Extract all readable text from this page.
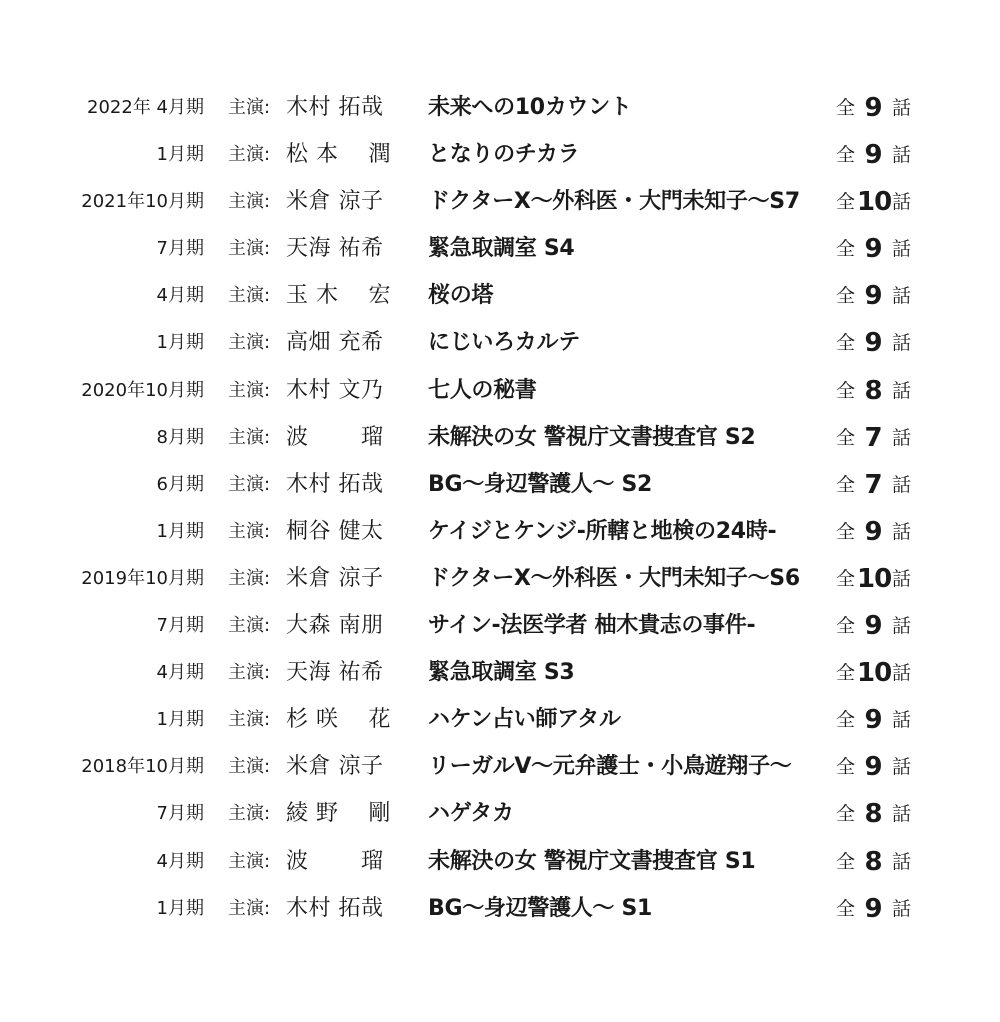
2022年 4月期 主演: 木村 拓哉 未来への10カウント	全 9 話
1月期 主演: 松 本 　潤 となりのチカラ	全 9 話
2021年10月期 主演: 米倉 涼子 ドクターX～外科医・大門未知子～S7 全 10 話
7月期 主演: 天海 祐希 緊急取調室 S4	全 9 話
4月期 主演: 玉 木 　宏 桜の塔	全 9 話
1月期 主演: 高畑 充希 にじいろカルテ	全 9 話
2020年10月期 主演: 木村 文乃 七人の秘書	全 8 話
8月期 主演: 波 　　瑠 未解決の女 警視庁文書捜査官 S2	全 7 話
6月期 主演: 木村 拓哉 BG～身辺警護人～ S2	全 7 話
1月期 主演: 桐谷 健太 ケイジとケンジ-所轄と地検の24時-	全 9 話
2019年10月期 主演: 米倉 涼子 ドクターX～外科医・大門未知子～S6 全 10 話
7月期 主演: 大森 南朋 サイン-法医学者 柚木貴志の事件-	全 9 話
4月期 主演: 天海 祐希 緊急取調室 S3	全 10 話
1月期 主演: 杉 咲 　花 ハケン占い師アタル	全 9 話
2018年10月期 主演: 米倉 涼子 リーガルV～元弁護士・小鳥遊翔子～ 全 9 話
7月期 主演: 綾 野 　剛 ハゲタカ	全 8 話
4月期 主演: 波 　　瑠 未解決の女 警視庁文書捜査官 S1	全 8 話
1月期 主演: 木村 拓哉 BG～身辺警護人～ S1	全 9 話
